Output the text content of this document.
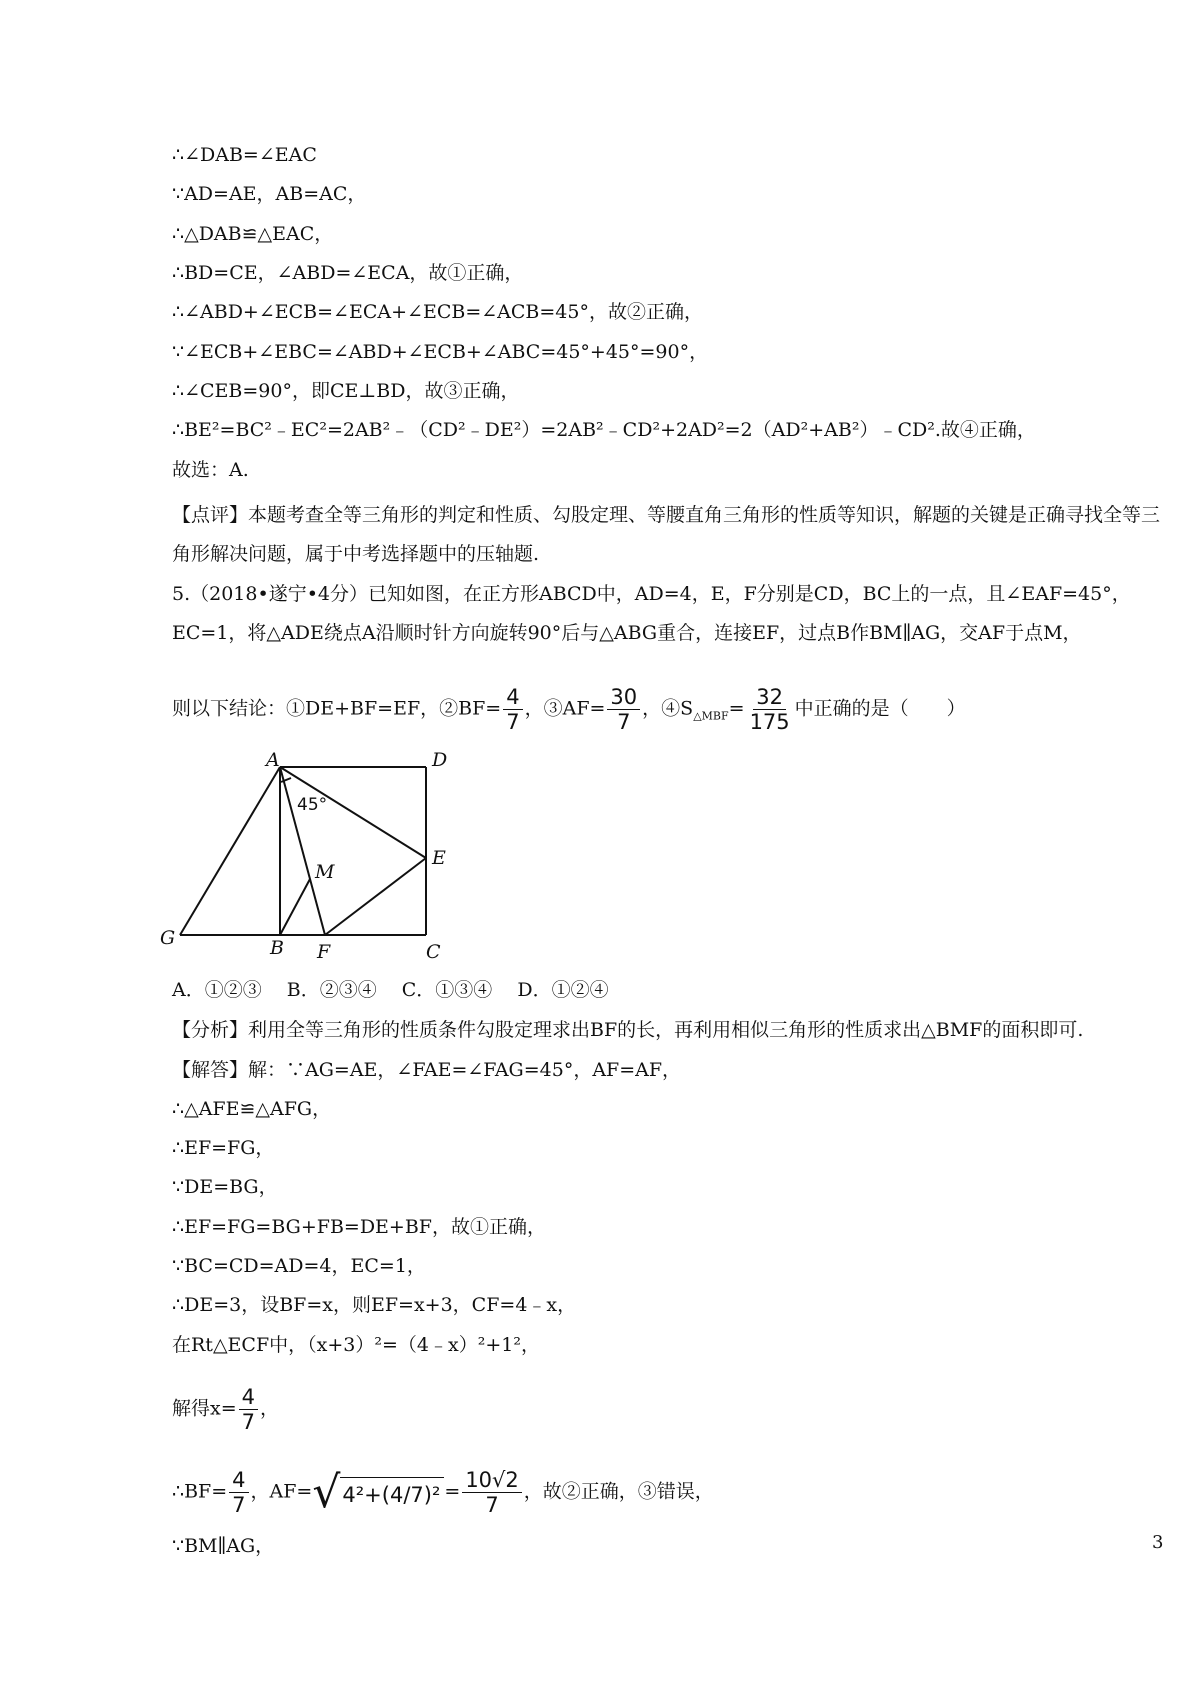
∴∠DAB=∠EAC
∵AD=AE，AB=AC，
∴△DAB≌△EAC，
∴BD=CE，∠ABD=∠ECA，故①正确，
∴∠ABD+∠ECB=∠ECA+∠ECB=∠ACB=45°，故②正确，
∵∠ECB+∠EBC=∠ABD+∠ECB+∠ABC=45°+45°=90°，
∴∠CEB=90°，即CE⊥BD，故③正确，
∴BE²=BC²﹣EC²=2AB²﹣（CD²﹣DE²）=2AB²﹣CD²+2AD²=2（AD²+AB²）﹣CD².故④正确，
故选：A.
【点评】本题考查全等三角形的判定和性质、勾股定理、等腰直角三角形的性质等知识，解题的关键是正确寻找全等三角形解决问题，属于中考选择题中的压轴题.
5.（2018•遂宁•4分）已知如图，在正方形ABCD中，AD=4，E，F分别是CD，BC上的一点，且∠EAF=45°，EC=1，将△ADE绕点A沿顺时针方向旋转90°后与△ABG重合，连接EF，过点B作BM∥AG，交AF于点M，
则以下结论：①DE+BF=EF，②BF= $\frac{4}{7}$ ，③AF= $\frac{30}{7}$ ，$④S_{\triangle MBF}= \frac{32}{175}$ 中正确的是（　　）
A	D
E
M
G	B F	C
45°
A．①②③　 B．②③④　 C．①③④　 D．①②④
【分析】利用全等三角形的性质条件勾股定理求出BF的长，再利用相似三角形的性质求出△BMF的面积即可.
【解答】解：∵AG=AE，∠FAE=∠FAG=45°，AF=AF，
∴△AFE≌△AFG，
∴EF=FG，
∵DE=BG，
∴EF=FG=BG+FB=DE+BF，故①正确，
∵BC=CD=AD=4，EC=1，
∴DE=3，设BF=x，则EF=x+3，CF=4﹣x，
在Rt△ECF中，（x+3）²=（4﹣x）²+1²，
解得$x= \frac{4}{7}$ ，
∴BF= $\frac{4}{7}$ ，AF= √ $4^2+(4/7)^2 = \frac{10√2}{7}$ ，故②正确，③错误，
∵BM∥AG，	3
